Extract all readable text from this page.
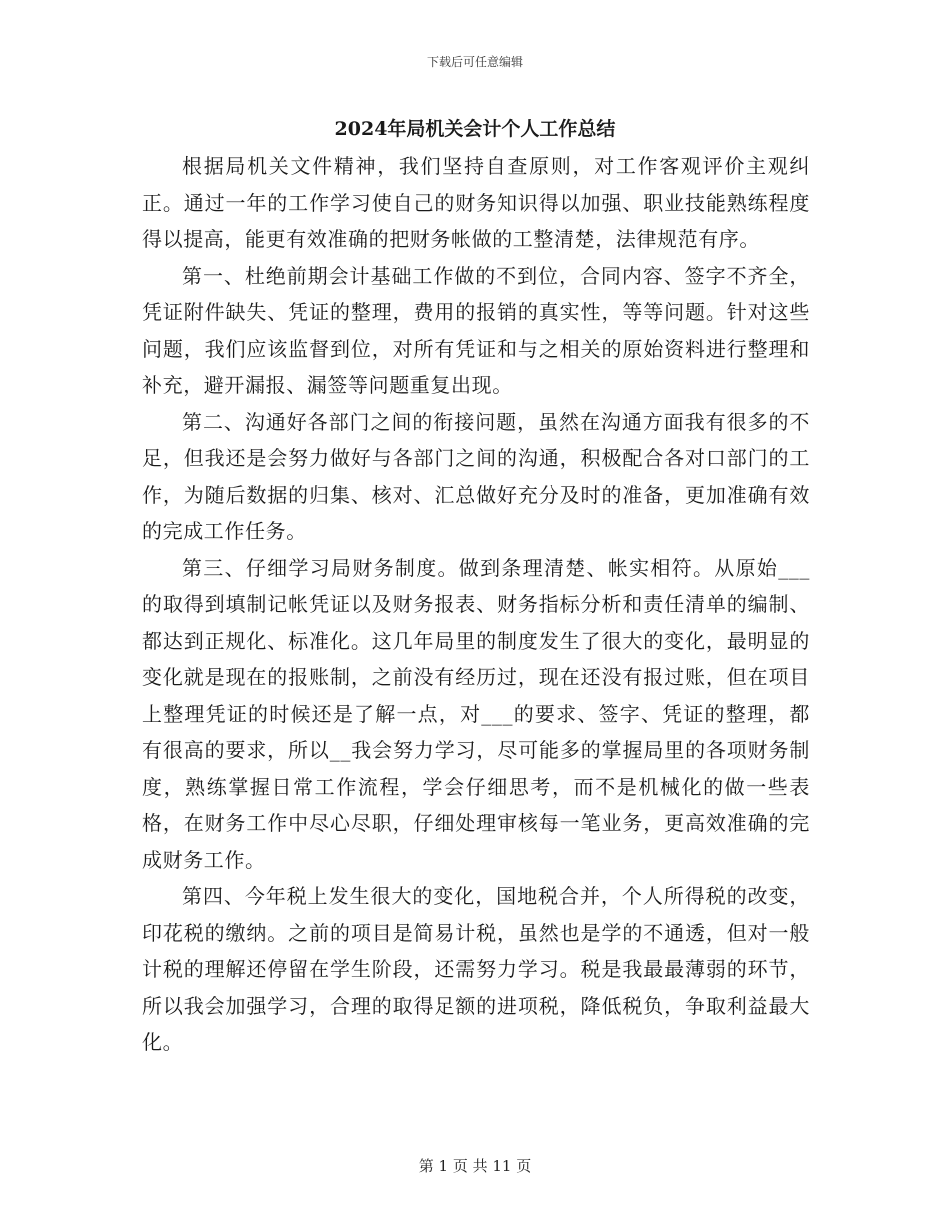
下载后可任意编辑
2024年局机关会计个人工作总结

根据局机关文件精神，我们坚持自查原则，对工作客观评价主观纠正。通过一年的工作学习使自己的财务知识得以加强、职业技能熟练程度得以提高，能更有效准确的把财务帐做的工整清楚，法律规范有序。

第一、杜绝前期会计基础工作做的不到位，合同内容、签字不齐全，凭证附件缺失、凭证的整理，费用的报销的真实性，等等问题。针对这些问题，我们应该监督到位，对所有凭证和与之相关的原始资料进行整理和补充，避开漏报、漏签等问题重复出现。

第二、沟通好各部门之间的衔接问题，虽然在沟通方面我有很多的不足，但我还是会努力做好与各部门之间的沟通，积极配合各对口部门的工作，为随后数据的归集、核对、汇总做好充分及时的准备，更加准确有效的完成工作任务。

第三、仔细学习局财务制度。做到条理清楚、帐实相符。从原始___的取得到填制记帐凭证以及财务报表、财务指标分析和责任清单的编制、都达到正规化、标准化。这几年局里的制度发生了很大的变化，最明显的变化就是现在的报账制，之前没有经历过，现在还没有报过账，但在项目上整理凭证的时候还是了解一点，对___的要求、签字、凭证的整理，都有很高的要求，所以__我会努力学习，尽可能多的掌握局里的各项财务制度，熟练掌握日常工作流程，学会仔细思考，而不是机械化的做一些表格，在财务工作中尽心尽职，仔细处理审核每一笔业务，更高效准确的完成财务工作。

第四、今年税上发生很大的变化，国地税合并，个人所得税的改变，印花税的缴纳。之前的项目是简易计税，虽然也是学的不通透，但对一般计税的理解还停留在学生阶段，还需努力学习。税是我最最薄弱的环节，所以我会加强学习，合理的取得足额的进项税，降低税负，争取利益最大化。

第 1 页 共 11 页
